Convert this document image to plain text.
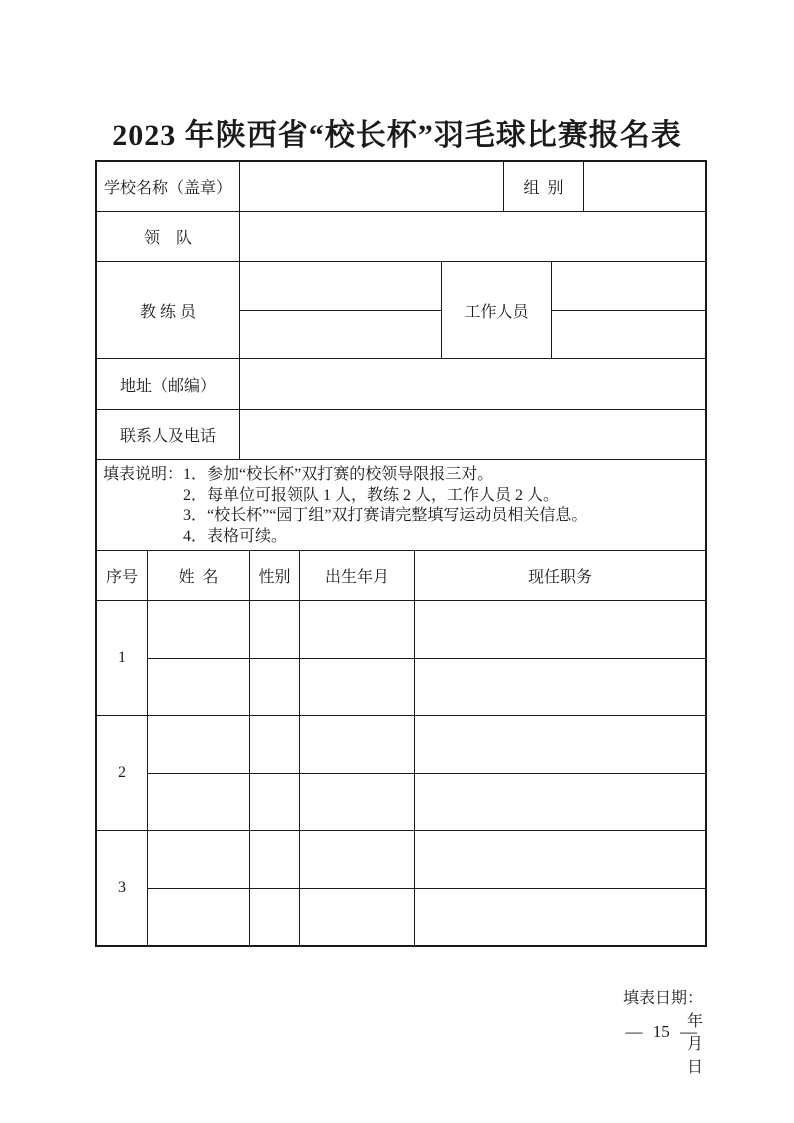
2023 年陕西省“校长杯”羽毛球比赛报名表
学校名称（盖章）	组  别
领    队
教 练 员	工作人员
地址（邮编）
联系人及电话
填表说明： 1．参加“校长杯”双打赛的校领导限报三对。
2．每单位可报领队 1 人，教练 2 人，工作人员 2 人。
3．“校长杯”“园丁组”双打赛请完整填写运动员相关信息。
4．表格可续。
序号	姓  名	性别	出生年月	现任职务
1
2
3

填表日期：
年
月
日

— 15 —
